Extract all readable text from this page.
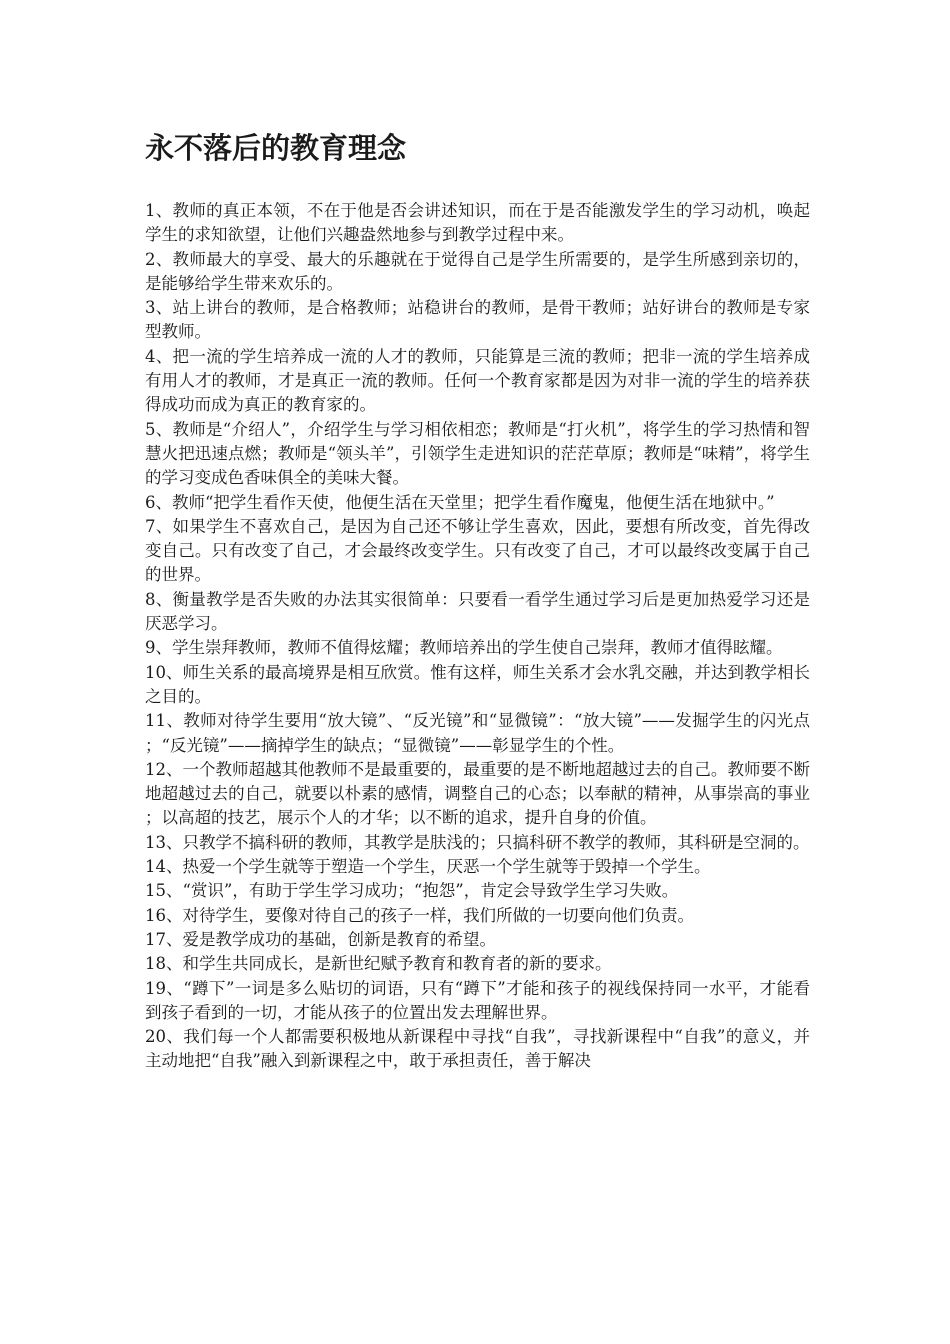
永不落后的教育理念

1、教师的真正本领，不在于他是否会讲述知识，而在于是否能激发学生的学习动机，唤起学生的求知欲望，让他们兴趣盎然地参与到教学过程中来。

2、教师最大的享受、最大的乐趣就在于觉得自己是学生所需要的，是学生所感到亲切的，是能够给学生带来欢乐的。

3、站上讲台的教师，是合格教师；站稳讲台的教师，是骨干教师；站好讲台的教师是专家型教师。

4、把一流的学生培养成一流的人才的教师，只能算是三流的教师；把非一流的学生培养成有用人才的教师，才是真正一流的教师。任何一个教育家都是因为对非一流的学生的培养获得成功而成为真正的教育家的。

5、教师是“介绍人”，介绍学生与学习相依相恋；教师是“打火机”，将学生的学习热情和智慧火把迅速点燃；教师是“领头羊”，引领学生走进知识的茫茫草原；教师是“味精”，将学生的学习变成色香味俱全的美味大餐。

6、教师“把学生看作天使，他便生活在天堂里；把学生看作魔鬼，他便生活在地狱中。”

7、如果学生不喜欢自己，是因为自己还不够让学生喜欢，因此，要想有所改变，首先得改变自己。只有改变了自己，才会最终改变学生。只有改变了自己，才可以最终改变属于自己的世界。

8、衡量教学是否失败的办法其实很简单：只要看一看学生通过学习后是更加热爱学习还是厌恶学习。

9、学生崇拜教师，教师不值得炫耀；教师培养出的学生使自己崇拜，教师才值得眩耀。

10、师生关系的最高境界是相互欣赏。惟有这样，师生关系才会水乳交融，并达到教学相长之目的。

11、教师对待学生要用“放大镜”、“反光镜”和“显微镜”：“放大镜”——发掘学生的闪光点；“反光镜”——摘掉学生的缺点；“显微镜”——彰显学生的个性。

12、一个教师超越其他教师不是最重要的，最重要的是不断地超越过去的自己。教师要不断地超越过去的自己，就要以朴素的感情，调整自己的心态；以奉献的精神，从事崇高的事业；以高超的技艺，展示个人的才华；以不断的追求，提升自身的价值。

13、只教学不搞科研的教师，其教学是肤浅的；只搞科研不教学的教师，其科研是空洞的。

14、热爱一个学生就等于塑造一个学生，厌恶一个学生就等于毁掉一个学生。

15、“赏识”，有助于学生学习成功；“抱怨”，肯定会导致学生学习失败。

16、对待学生，要像对待自己的孩子一样，我们所做的一切要向他们负责。

17、爱是教学成功的基础，创新是教育的希望。

18、和学生共同成长，是新世纪赋予教育和教育者的新的要求。

19、“蹲下”一词是多么贴切的词语，只有“蹲下”才能和孩子的视线保持同一水平，才能看到孩子看到的一切，才能从孩子的位置出发去理解世界。

20、我们每一个人都需要积极地从新课程中寻找“自我”，寻找新课程中“自我”的意义，并主动地把“自我”融入到新课程之中，敢于承担责任，善于解决
